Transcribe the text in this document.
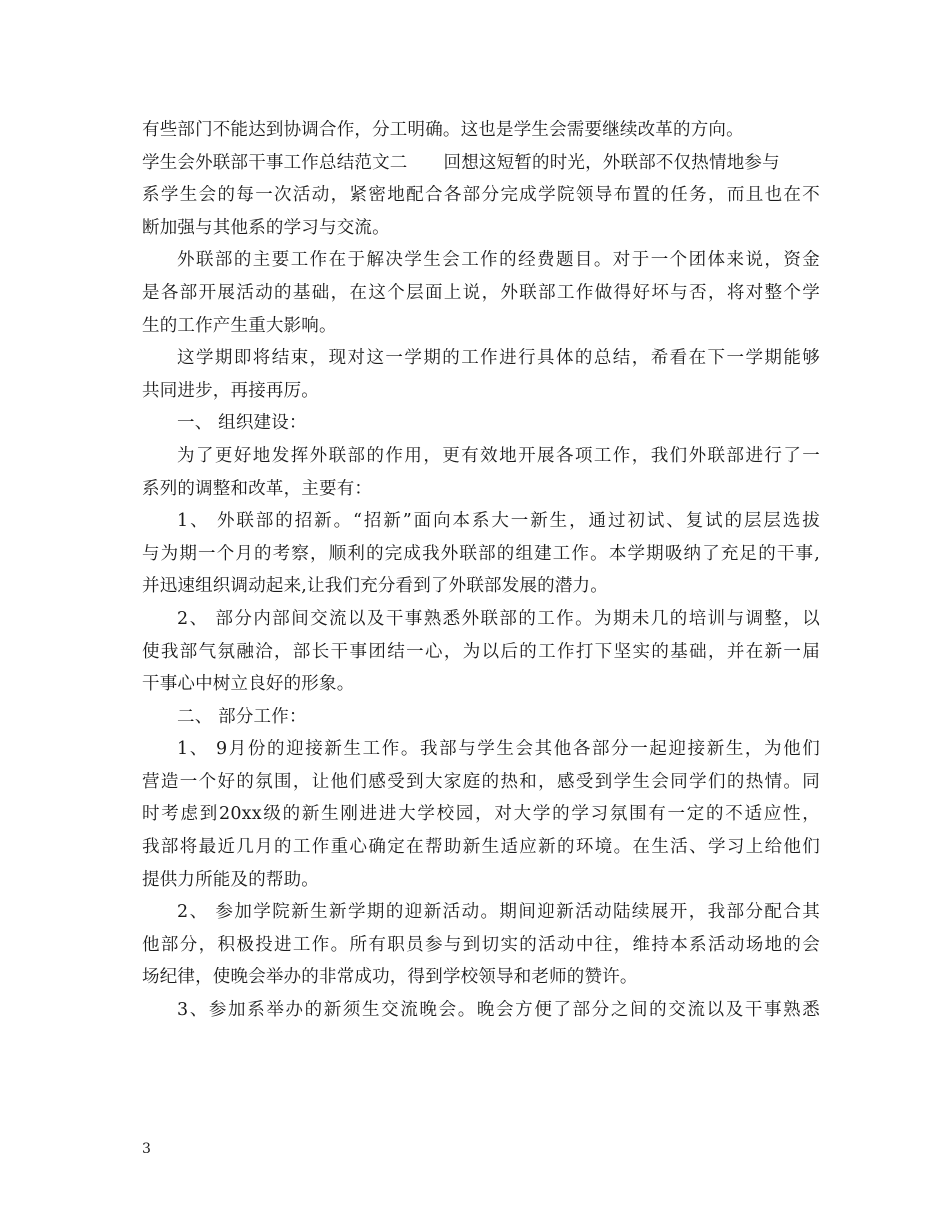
有些部门不能达到协调合作，分工明确。这也是学生会需要继续改革的方向。
学生会外联部干事工作总结范文二 回想这短暂的时光，外联部不仅热情地参与
系学生会的每一次活动，紧密地配合各部分完成学院领导布置的任务，而且也在不
断加强与其他系的学习与交流。
外联部的主要工作在于解决学生会工作的经费题目。对于一个团体来说，资金
是各部开展活动的基础，在这个层面上说，外联部工作做得好坏与否，将对整个学
生的工作产生重大影响。
这学期即将结束，现对这一学期的工作进行具体的总结，希看在下一学期能够
共同进步，再接再厉。
一、 组织建设：
为了更好地发挥外联部的作用，更有效地开展各项工作，我们外联部进行了一
系列的调整和改革，主要有：
1、 外联部的招新。“招新”面向本系大一新生，通过初试、复试的层层选拔
与为期一个月的考察，顺利的完成我外联部的组建工作。本学期吸纳了充足的干事,
并迅速组织调动起来,让我们充分看到了外联部发展的潜力。
2、 部分内部间交流以及干事熟悉外联部的工作。为期未几的培训与调整，以
使我部气氛融洽，部长干事团结一心，为以后的工作打下坚实的基础，并在新一届
干事心中树立良好的形象。
二、 部分工作：
1、 9月份的迎接新生工作。我部与学生会其他各部分一起迎接新生，为他们
营造一个好的氛围，让他们感受到大家庭的热和，感受到学生会同学们的热情。同
时考虑到20xx级的新生刚进进大学校园，对大学的学习氛围有一定的不适应性，
我部将最近几月的工作重心确定在帮助新生适应新的环境。在生活、学习上给他们
提供力所能及的帮助。
2、 参加学院新生新学期的迎新活动。期间迎新活动陆续展开，我部分配合其
他部分，积极投进工作。所有职员参与到切实的活动中往，维持本系活动场地的会
场纪律，使晚会举办的非常成功，得到学校领导和老师的赞许。
3、参加系举办的新须生交流晚会。晚会方便了部分之间的交流以及干事熟悉
3
